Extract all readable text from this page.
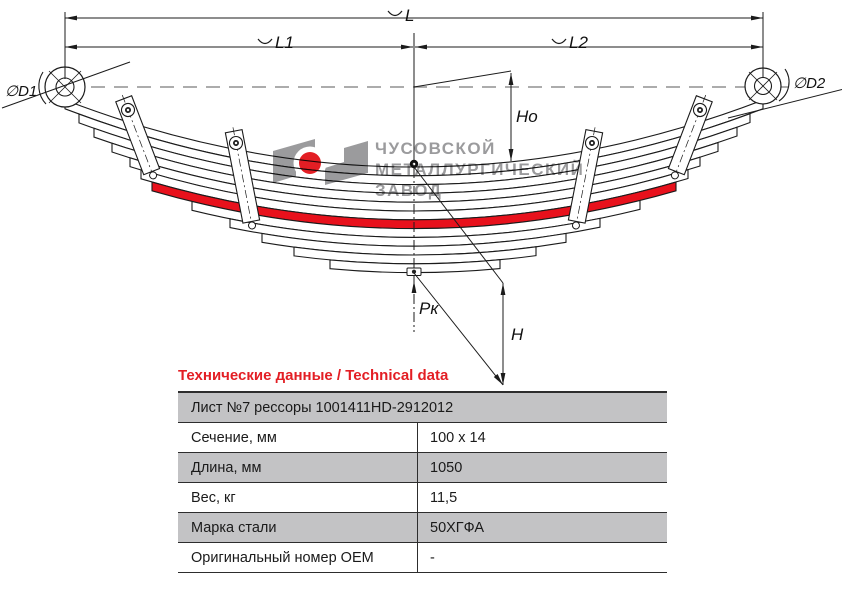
L
L1	L2
Ho
H
Pк
∅D1	∅D2
ЧУСОВСКОЙ
МЕТАЛЛУРГИЧЕСКИЙ
ЗАВОД
Технические данные / Technical data
Лист №7 рессоры 1001411HD-2912012
Сечение, мм	100 x 14
Длина, мм	1050
Вес, кг	11,5
Марка стали	50ХГФА
Оригинальный номер OEM	-
